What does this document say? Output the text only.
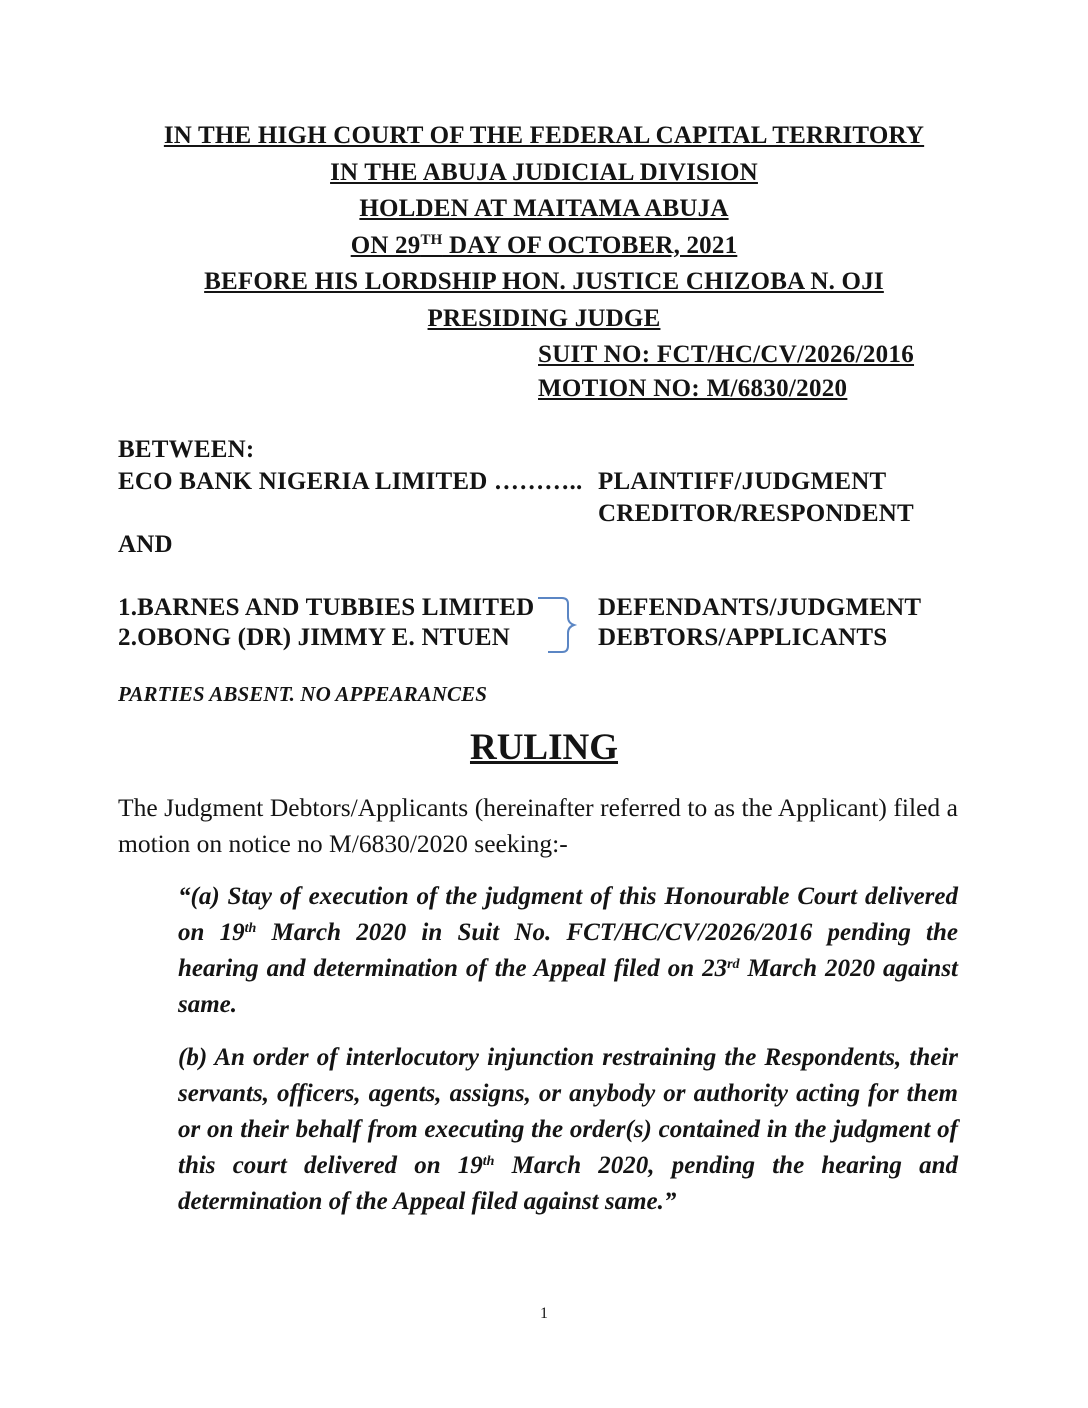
IN THE HIGH COURT OF THE FEDERAL CAPITAL TERRITORY
IN THE ABUJA JUDICIAL DIVISION
HOLDEN AT MAITAMA ABUJA
ON 29TH DAY OF OCTOBER, 2021
BEFORE HIS LORDSHIP HON. JUSTICE CHIZOBA N. OJI
PRESIDING JUDGE
SUIT NO: FCT/HC/CV/2026/2016
MOTION NO: M/6830/2020
BETWEEN:
ECO BANK NIGERIA LIMITED ……….. PLAINTIFF/JUDGMENT
CREDITOR/RESPONDENT
AND
1.BARNES AND TUBBIES LIMITED
2.OBONG (DR) JIMMY E. NTUEN
DEFENDANTS/JUDGMENT
DEBTORS/APPLICANTS
PARTIES ABSENT. NO APPEARANCES
RULING

The Judgment Debtors/Applicants (hereinafter referred to as the Applicant) filed a motion on notice no M/6830/2020 seeking:-

“(a) Stay of execution of the judgment of this Honourable Court delivered on 19th March 2020 in Suit No. FCT/HC/CV/2026/2016 pending the hearing and determination of the Appeal filed on 23rd March 2020 against same.

(b) An order of interlocutory injunction restraining the Respondents, their servants, officers, agents, assigns, or anybody or authority acting for them or on their behalf from executing the order(s) contained in the judgment of this court delivered on 19th March 2020, pending the hearing and determination of the Appeal filed against same.”

1
